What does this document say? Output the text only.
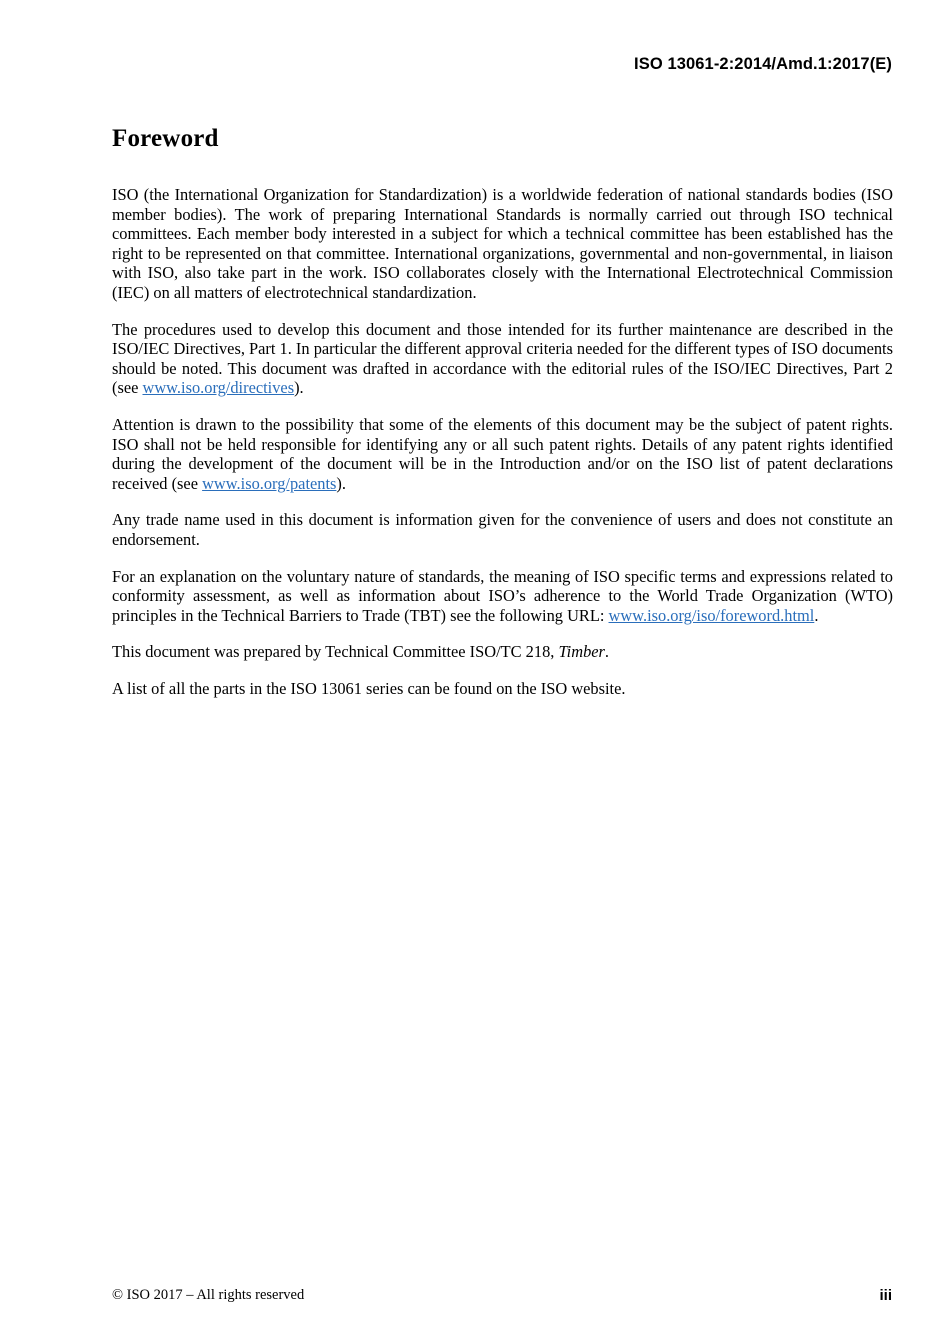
ISO 13061-2:2014/Amd.1:2017(E)
Foreword

ISO (the International Organization for Standardization) is a worldwide federation of national standards bodies (ISO member bodies). The work of preparing International Standards is normally carried out through ISO technical committees. Each member body interested in a subject for which a technical committee has been established has the right to be represented on that committee. International organizations, governmental and non-governmental, in liaison with ISO, also take part in the work. ISO collaborates closely with the International Electrotechnical Commission (IEC) on all matters of electrotechnical standardization.

The procedures used to develop this document and those intended for its further maintenance are described in the ISO/IEC Directives, Part 1. In particular the different approval criteria needed for the different types of ISO documents should be noted. This document was drafted in accordance with the editorial rules of the ISO/IEC Directives, Part 2 (see www.iso.org/directives).

Attention is drawn to the possibility that some of the elements of this document may be the subject of patent rights. ISO shall not be held responsible for identifying any or all such patent rights. Details of any patent rights identified during the development of the document will be in the Introduction and/or on the ISO list of patent declarations received (see www.iso.org/patents).

Any trade name used in this document is information given for the convenience of users and does not constitute an endorsement.

For an explanation on the voluntary nature of standards, the meaning of ISO specific terms and expressions related to conformity assessment, as well as information about ISO’s adherence to the World Trade Organization (WTO) principles in the Technical Barriers to Trade (TBT) see the following URL: www.iso.org/iso/foreword.html.

This document was prepared by Technical Committee ISO/TC 218, Timber.

A list of all the parts in the ISO 13061 series can be found on the ISO website.

© ISO 2017 – All rights reserved	iii
